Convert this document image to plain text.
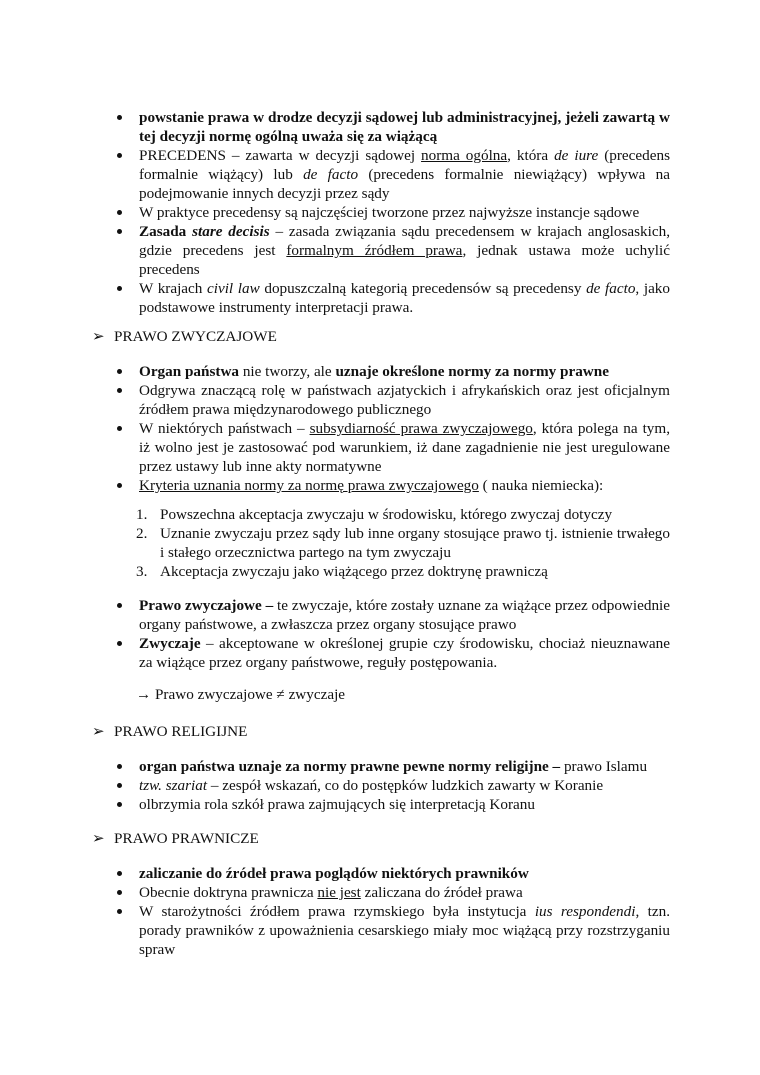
powstanie prawa w drodze decyzji sądowej lub administracyjnej, jeżeli zawartą w tej decyzji normę ogólną uważa się za wiążącą
PRECEDENS – zawarta w decyzji sądowej norma ogólna, która de iure (precedens formalnie wiążący) lub de facto (precedens formalnie niewiążący) wpływa na podejmowanie innych decyzji przez sądy
W praktyce precedensy są najczęściej tworzone przez najwyższe instancje sądowe
Zasada stare decisis – zasada związania sądu precedensem w krajach anglosaskich, gdzie precedens jest formalnym źródłem prawa, jednak ustawa może uchylić precedens
W krajach civil law dopuszczalną kategorią precedensów są precedensy de facto, jako podstawowe instrumenty interpretacji prawa.
➢ PRAWO ZWYCZAJOWE
Organ państwa nie tworzy, ale uznaje określone normy za normy prawne
Odgrywa znaczącą rolę w państwach azjatyckich i afrykańskich oraz jest oficjalnym źródłem prawa międzynarodowego publicznego
W niektórych państwach – subsydiarność prawa zwyczajowego, która polega na tym, iż wolno jest je zastosować pod warunkiem, iż dane zagadnienie nie jest uregulowane przez ustawy lub inne akty normatywne
Kryteria uznania normy za normę prawa zwyczajowego ( nauka niemiecka):
1. Powszechna akceptacja zwyczaju w środowisku, którego zwyczaj dotyczy
2. Uznanie zwyczaju przez sądy lub inne organy stosujące prawo tj. istnienie trwałego i stałego orzecznictwa partego na tym zwyczaju
3. Akceptacja zwyczaju jako wiążącego przez doktrynę prawniczą
Prawo zwyczajowe – te zwyczaje, które zostały uznane za wiążące przez odpowiednie organy państwowe, a zwłaszcza przez organy stosujące prawo
Zwyczaje – akceptowane w określonej grupie czy środowisku, chociaż nieuznawane za wiążące przez organy państwowe, reguły postępowania.
→ Prawo zwyczajowe ≠ zwyczaje
➢ PRAWO RELIGIJNE
organ państwa uznaje za normy prawne pewne normy religijne – prawo Islamu
tzw. szariat – zespół wskazań, co do postępków ludzkich zawarty w Koranie
olbrzymia rola szkół prawa zajmujących się interpretacją Koranu
➢ PRAWO PRAWNICZE
zaliczanie do źródeł prawa poglądów niektórych prawników
Obecnie doktryna prawnicza nie jest zaliczana do źródeł prawa
W starożytności źródłem prawa rzymskiego była instytucja ius respondendi, tzn. porady prawników z upoważnienia cesarskiego miały moc wiążącą przy rozstrzyganiu spraw
